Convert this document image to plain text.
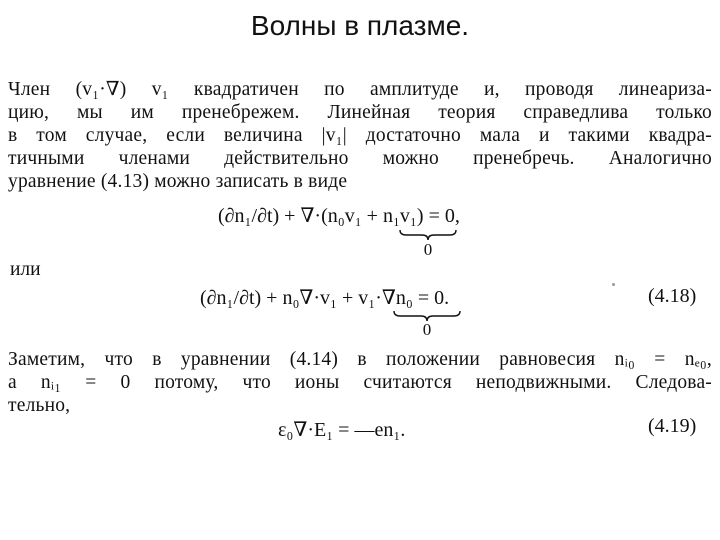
Волны в плазме.
Член (v₁·∇) v₁ квадратичен по амплитуде и, проводя линеариза-
цию, мы им пренебрежем. Линейная теория справедлива только
в том случае, если величина |v₁| достаточно мала и такими квадра-
тичными членами действительно можно пренебречь. Аналогично
уравнение (4.13) можно записать в виде
(∂n₁/∂t) + ∇·(n₀v₁ + n₁v₁) = 0,
0
или
(∂n₁/∂t) + n₀∇·v₁ + v₁·∇n₀ = 0.	(4.18)
0
Заметим, что в уравнении (4.14) в положении равновесия nᵢ₀ = nₑ₀,
а nᵢ₁ = 0 потому, что ионы считаются неподвижными. Следова-
тельно,
ε₀∇·E₁ = —en₁.	(4.19)
